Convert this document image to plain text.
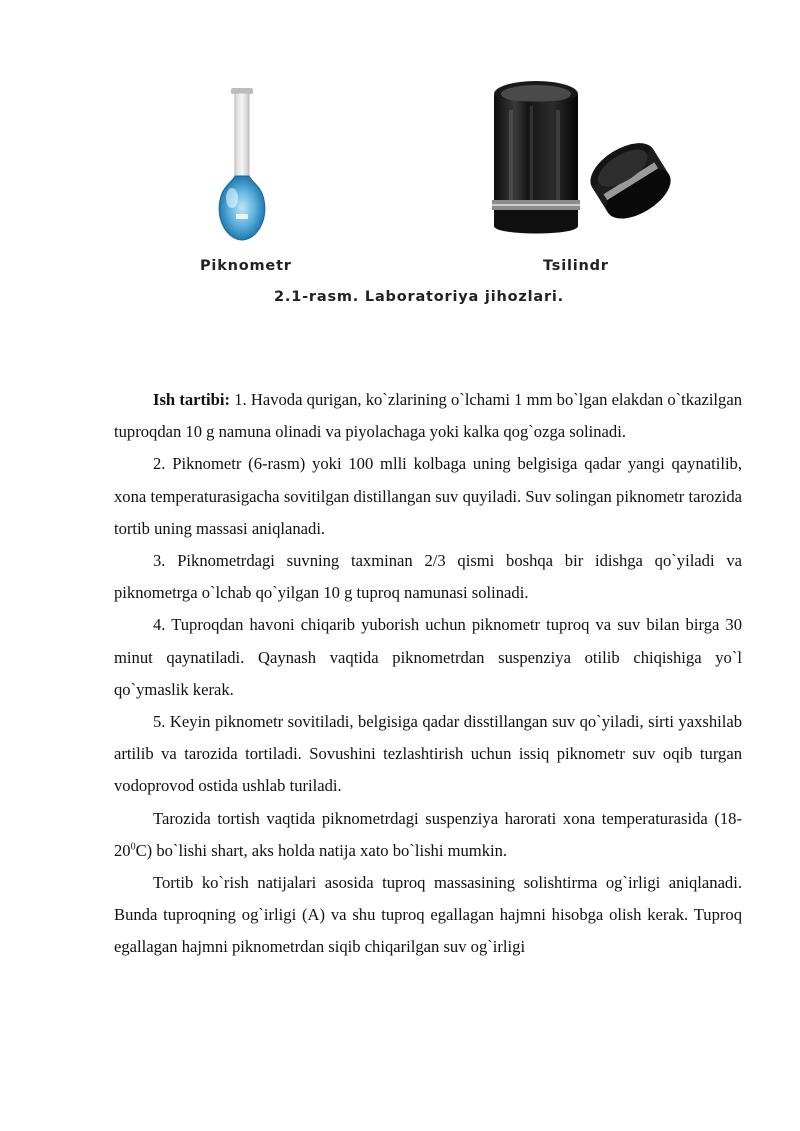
Piknometr	Tsilindr
2.1-rasm. Laboratoriya jihozlari.

Ish tartibi: 1. Havoda qurigan, ko`zlarining o`lchami 1 mm bo`lgan elakdan o`tkazilgan tuproqdan 10 g namuna olinadi va piyolachaga yoki kalka qog`ozga solinadi.

2. Piknometr (6-rasm) yoki 100 mlli kolbaga uning belgisiga qadar yangi qaynatilib, xona temperaturasigacha sovitilgan distillangan suv quyiladi. Suv solingan piknometr tarozida tortib uning massasi aniqlanadi.

3. Piknometrdagi suvning taxminan 2/3 qismi boshqa bir idishga qo`yiladi va piknometrga o`lchab qo`yilgan 10 g tuproq namunasi solinadi.

4. Tuproqdan havoni chiqarib yuborish uchun piknometr tuproq va suv bilan birga 30 minut qaynatiladi. Qaynash vaqtida piknometrdan suspenziya otilib chiqishiga yo`l qo`ymaslik kerak.

5. Keyin piknometr sovitiladi, belgisiga qadar disstillangan suv qo`yiladi, sirti yaxshilab artilib va tarozida tortiladi. Sovushini tezlashtirish uchun issiq piknometr suv oqib turgan vodoprovod ostida ushlab turiladi.

Tarozida tortish vaqtida piknometrdagi suspenziya harorati xona temperaturasida $(18-20^0C)$ bo`lishi shart, aks holda natija xato bo`lishi mumkin.

Tortib ko`rish natijalari asosida tuproq massasining solishtirma og`irligi aniqlanadi. Bunda tuproqning og`irligi (A) va shu tuproq egallagan hajmni hisobga olish kerak. Tuproq egallagan hajmni piknometrdan siqib chiqarilgan suv og`irligi
